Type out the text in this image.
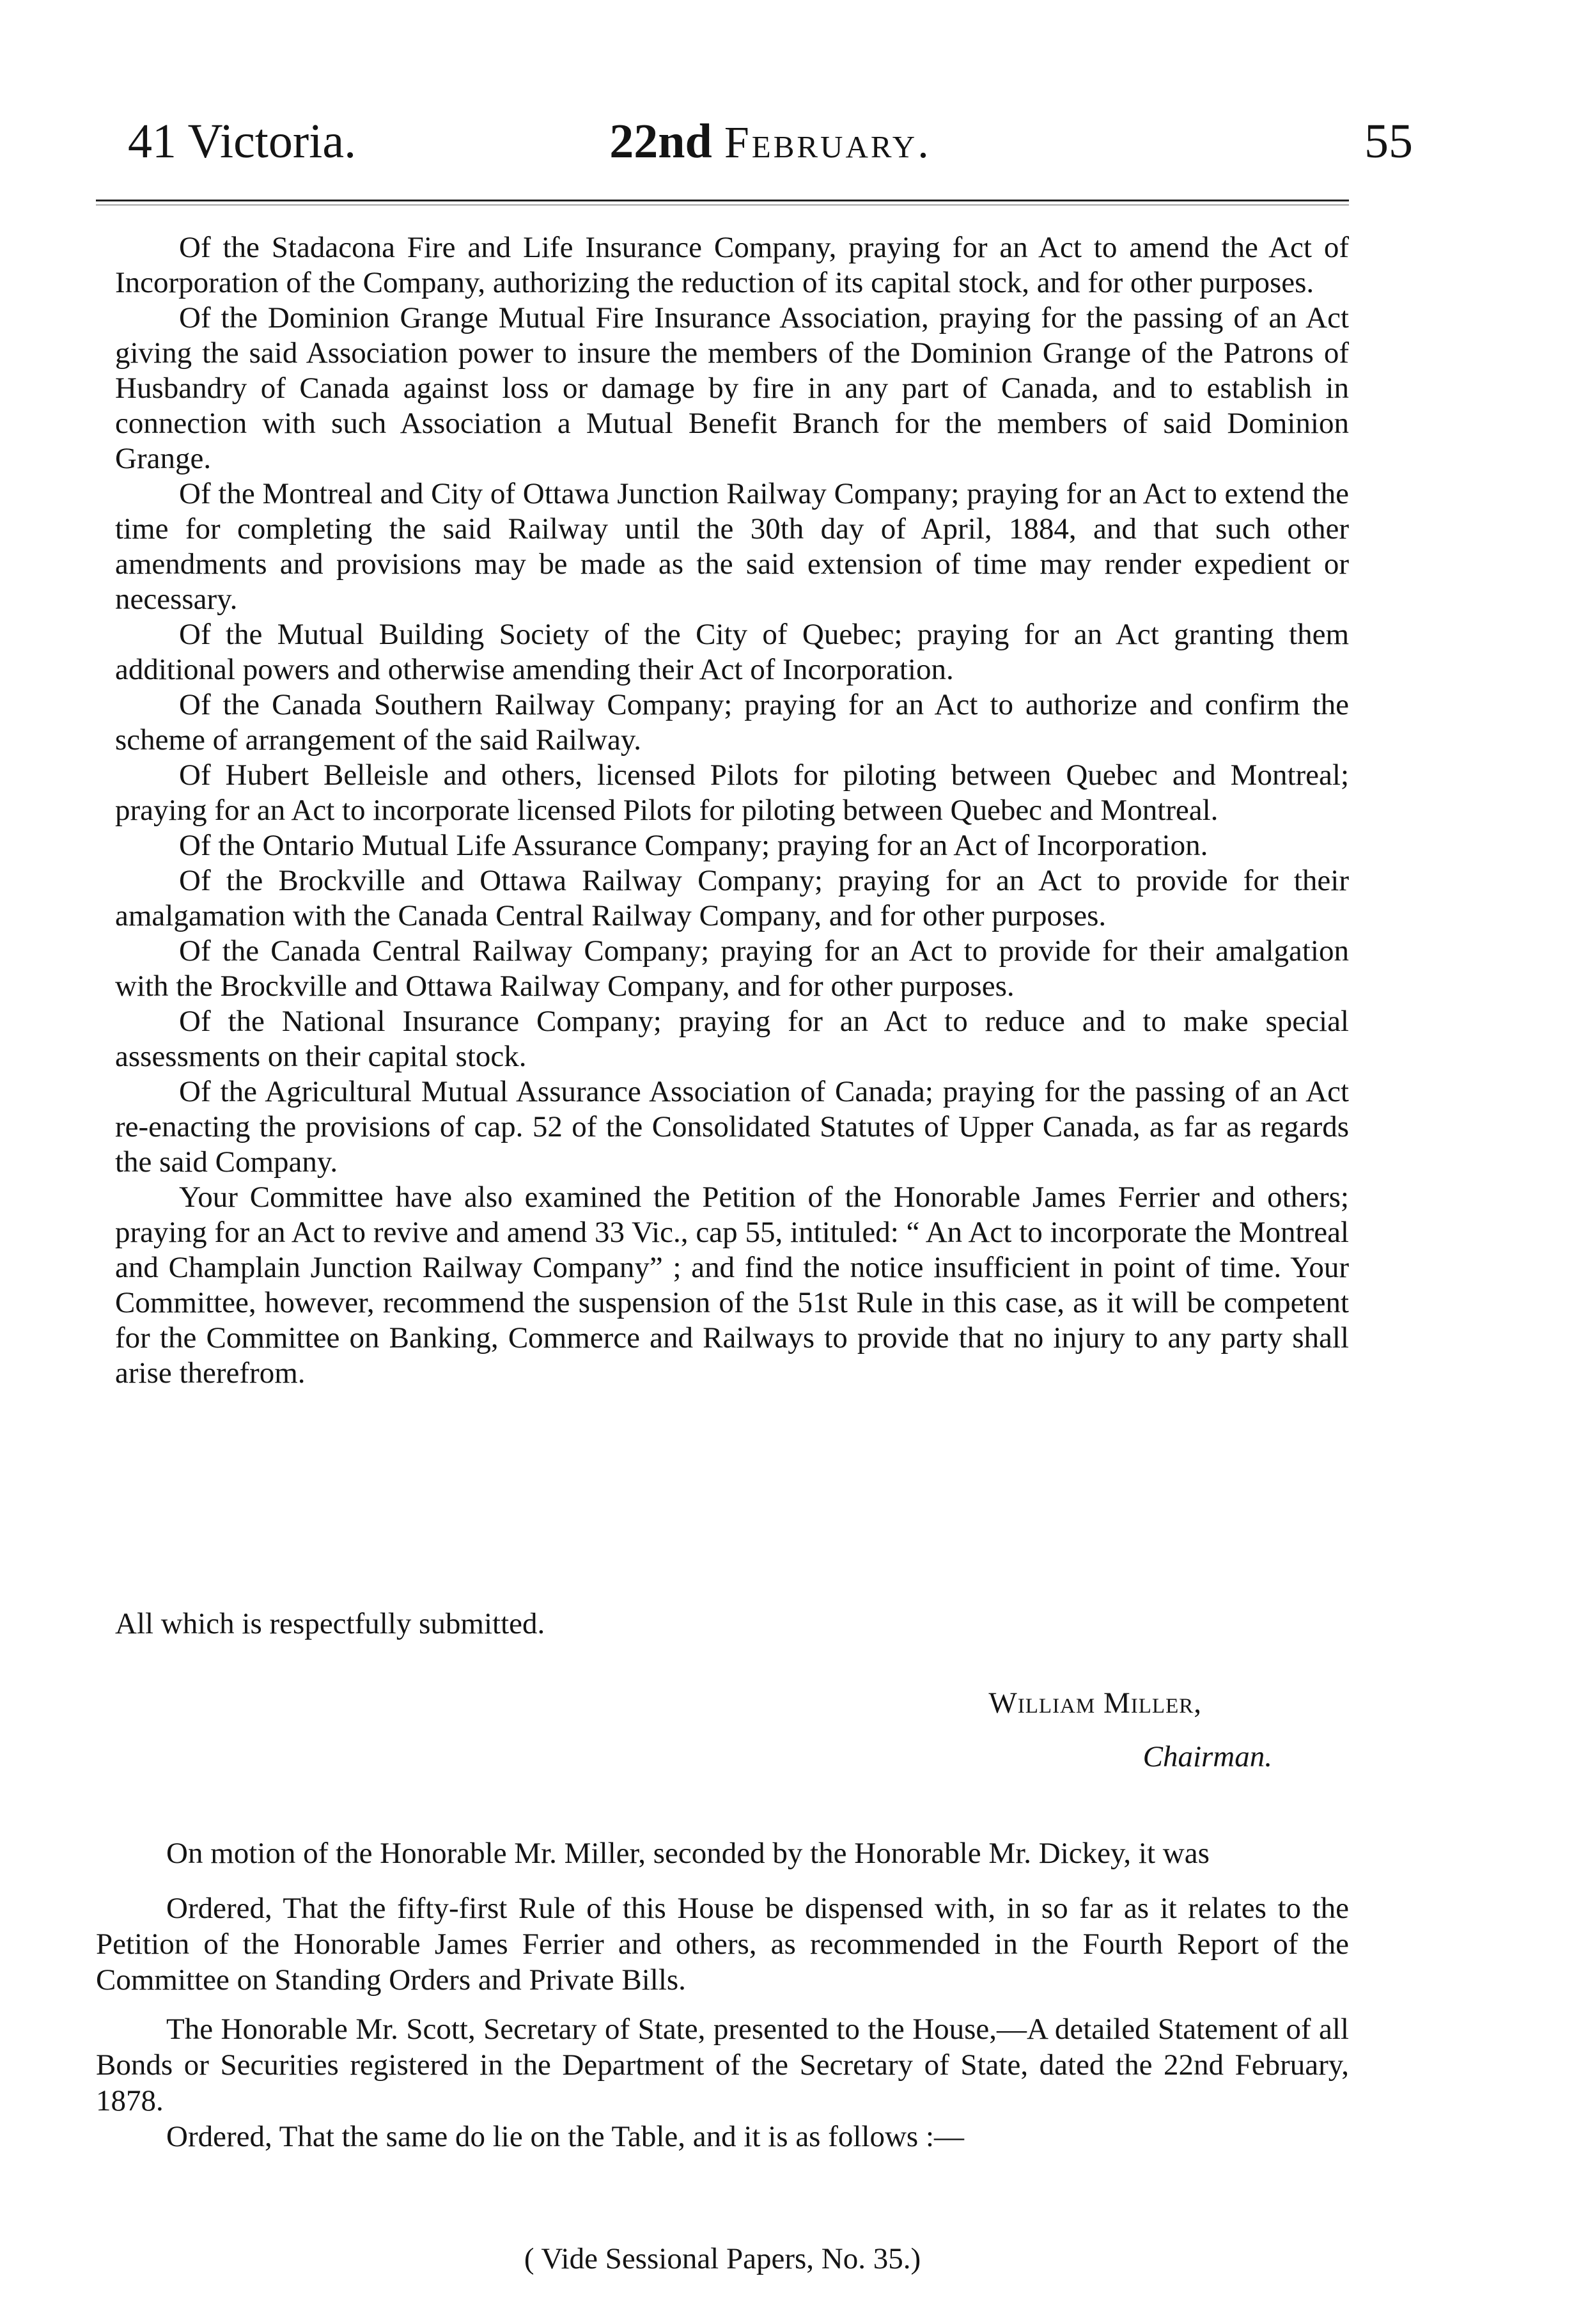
41 Victoria.	22nd February.	55

Of the Stadacona Fire and Life Insurance Company, praying for an Act to amend the Act of Incorporation of the Company, authorizing the reduction of its capital stock, and for other purposes.

Of the Dominion Grange Mutual Fire Insurance Association, praying for the passing of an Act giving the said Association power to insure the members of the Dominion Grange of the Patrons of Husbandry of Canada against loss or damage by fire in any part of Canada, and to establish in connection with such Association a Mutual Benefit Branch for the members of said Dominion Grange.

Of the Montreal and City of Ottawa Junction Railway Company; praying for an Act to extend the time for completing the said Railway until the 30th day of April, 1884, and that such other amendments and provisions may be made as the said extension of time may render expedient or necessary.

Of the Mutual Building Society of the City of Quebec; praying for an Act granting them additional powers and otherwise amending their Act of Incorporation.

Of the Canada Southern Railway Company; praying for an Act to authorize and confirm the scheme of arrangement of the said Railway.

Of Hubert Belleisle and others, licensed Pilots for piloting between Quebec and Montreal; praying for an Act to incorporate licensed Pilots for piloting between Quebec and Montreal.

Of the Ontario Mutual Life Assurance Company; praying for an Act of Incorporation.

Of the Brockville and Ottawa Railway Company; praying for an Act to provide for their amalgamation with the Canada Central Railway Company, and for other purposes.

Of the Canada Central Railway Company; praying for an Act to provide for their amalgation with the Brockville and Ottawa Railway Company, and for other purposes.

Of the National Insurance Company; praying for an Act to reduce and to make special assessments on their capital stock.

Of the Agricultural Mutual Assurance Association of Canada; praying for the passing of an Act re-enacting the provisions of cap. 52 of the Consolidated Statutes of Upper Canada, as far as regards the said Company.

Your Committee have also examined the Petition of the Honorable James Ferrier and others; praying for an Act to revive and amend 33 Vic., cap 55, intituled: “ An Act to incorporate the Montreal and Champlain Junction Railway Company” ; and find the notice insufficient in point of time. Your Committee, however, recommend the suspension of the 51st Rule in this case, as it will be competent for the Committee on Banking, Commerce and Railways to provide that no injury to any party shall arise therefrom.

All which is respectfully submitted.
William Miller,
Chairman.

On motion of the Honorable Mr. Miller, seconded by the Honorable Mr. Dickey, it was

Ordered, That the fifty-first Rule of this House be dispensed with, in so far as it relates to the Petition of the Honorable James Ferrier and others, as recommended in the Fourth Report of the Committee on Standing Orders and Private Bills.

The Honorable Mr. Scott, Secretary of State, presented to the House,—A detailed Statement of all Bonds or Securities registered in the Department of the Secretary of State, dated the 22nd February, 1878.

Ordered, That the same do lie on the Table, and it is as follows :—

( Vide Sessional Papers, No. 35.)
